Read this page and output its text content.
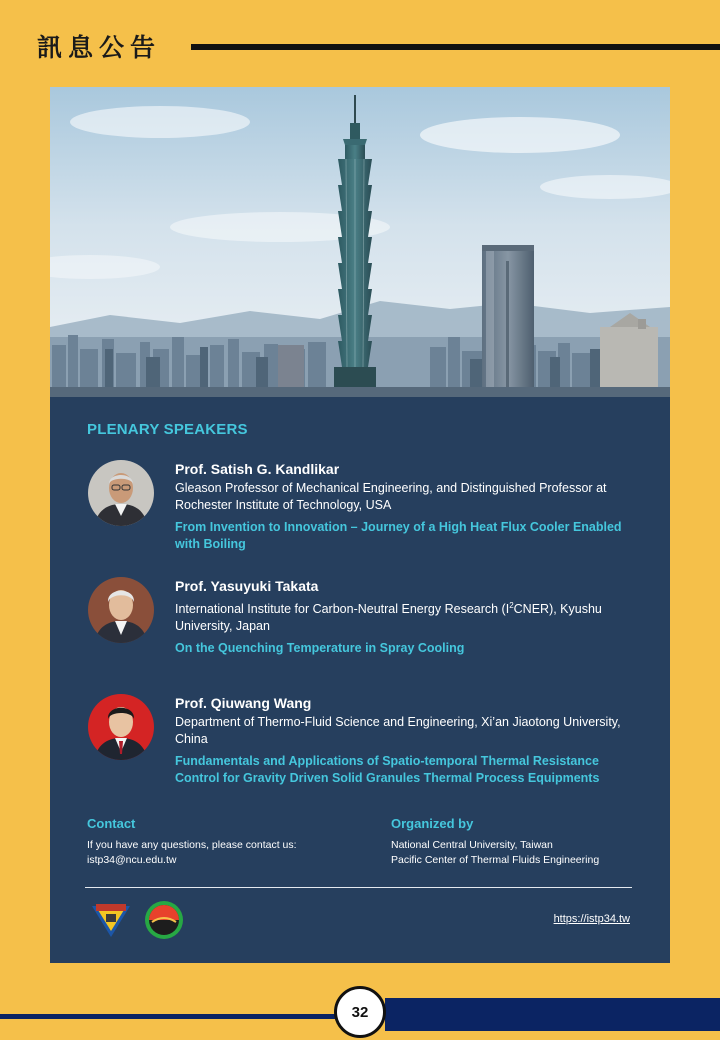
訊息公告
PLENARY SPEAKERS
Prof. Satish G. Kandlikar
Gleason Professor of Mechanical Engineering, and Distinguished Professor at Rochester Institute of Technology, USA
From Invention to Innovation – Journey of a High Heat Flux Cooler Enabled with Boiling
Prof. Yasuyuki Takata
International Institute for Carbon-Neutral Energy Research $(I^2CNER)$, Kyushu University, Japan
On the Quenching Temperature in Spray Cooling
Prof. Qiuwang Wang
Department of Thermo-Fluid Science and Engineering, Xi’an Jiaotong University, China
Fundamentals and Applications of Spatio-temporal Thermal Resistance Control for Gravity Driven Solid Granules Thermal Process Equipments
Contact
If you have any questions, please contact us:
istp34@ncu.edu.tw
Organized by
National Central University, Taiwan
Pacific Center of Thermal Fluids Engineering
https://istp34.tw
32
